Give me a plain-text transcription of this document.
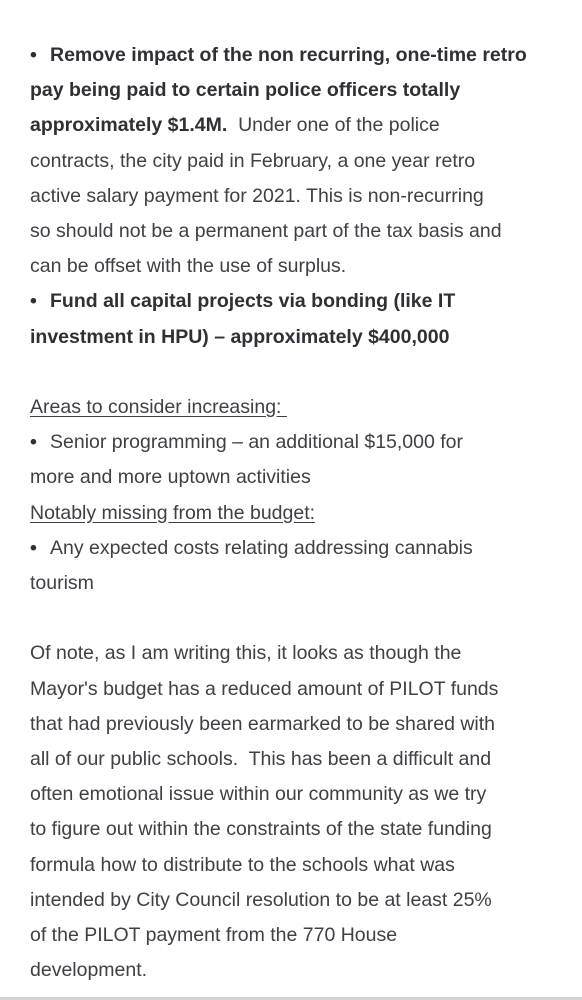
• Remove impact of the non recurring, one-time retro
pay being paid to certain police officers totally
approximately $1.4M.  Under one of the police
contracts, the city paid in February, a one year retro
active salary payment for 2021. This is non-recurring
so should not be a permanent part of the tax basis and
can be offset with the use of surplus.
• Fund all capital projects via bonding (like IT
investment in HPU) – approximately $400,000
Areas to consider increasing:
• Senior programming – an additional $15,000 for
more and more uptown activities
Notably missing from the budget:
• Any expected costs relating addressing cannabis
tourism
Of note, as I am writing this, it looks as though the
Mayor's budget has a reduced amount of PILOT funds
that had previously been earmarked to be shared with
all of our public schools.  This has been a difficult and
often emotional issue within our community as we try
to figure out within the constraints of the state funding
formula how to distribute to the schools what was
intended by City Council resolution to be at least 25%
of the PILOT payment from the 770 House
development.
